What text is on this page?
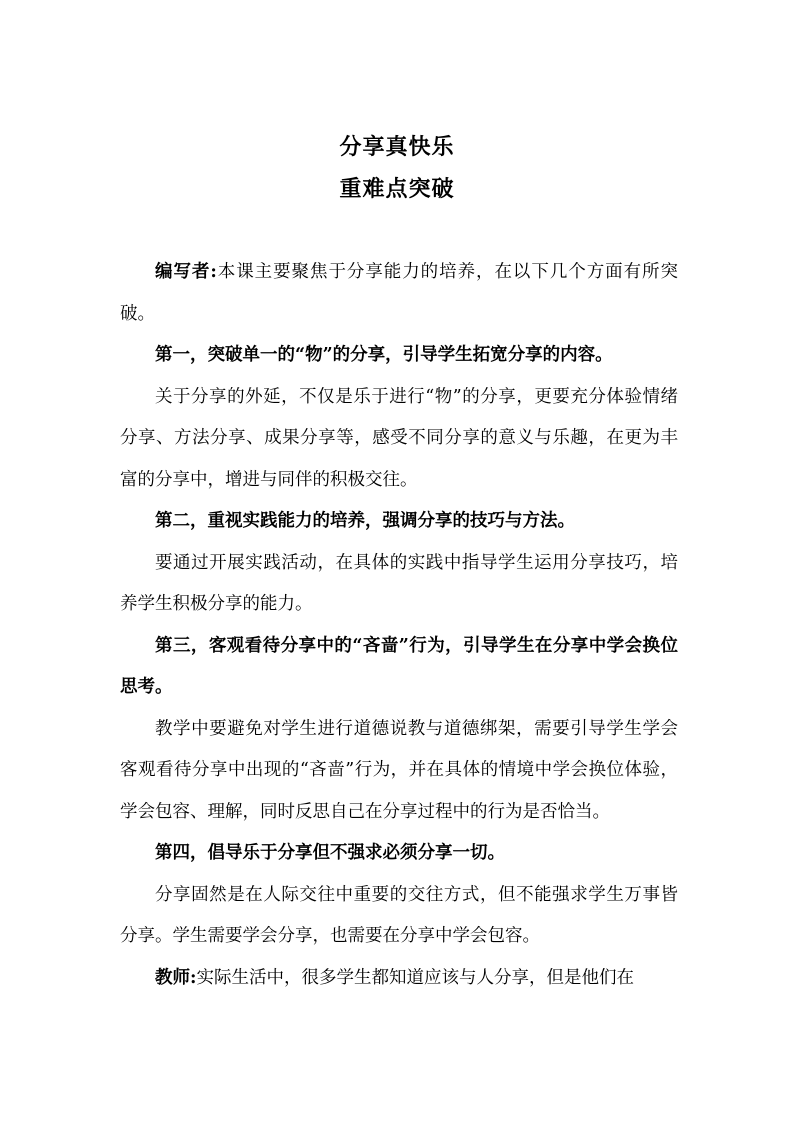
分享真快乐
重难点突破

编写者:本课主要聚焦于分享能力的培养，在以下几个方面有所突破。

第一，突破单一的“物”的分享，引导学生拓宽分享的内容。

关于分享的外延，不仅是乐于进行“物”的分享，更要充分体验情绪分享、方法分享、成果分享等，感受不同分享的意义与乐趣，在更为丰富的分享中，增进与同伴的积极交往。

第二，重视实践能力的培养，强调分享的技巧与方法。

要通过开展实践活动，在具体的实践中指导学生运用分享技巧，培养学生积极分享的能力。

第三，客观看待分享中的“吝啬”行为，引导学生在分享中学会换位思考。

教学中要避免对学生进行道德说教与道德绑架，需要引导学生学会客观看待分享中出现的“吝啬”行为，并在具体的情境中学会换位体验，学会包容、理解，同时反思自己在分享过程中的行为是否恰当。

第四，倡导乐于分享但不强求必须分享一切。

分享固然是在人际交往中重要的交往方式，但不能强求学生万事皆分享。学生需要学会分享，也需要在分享中学会包容。

教师:实际生活中，很多学生都知道应该与人分享，但是他们在
